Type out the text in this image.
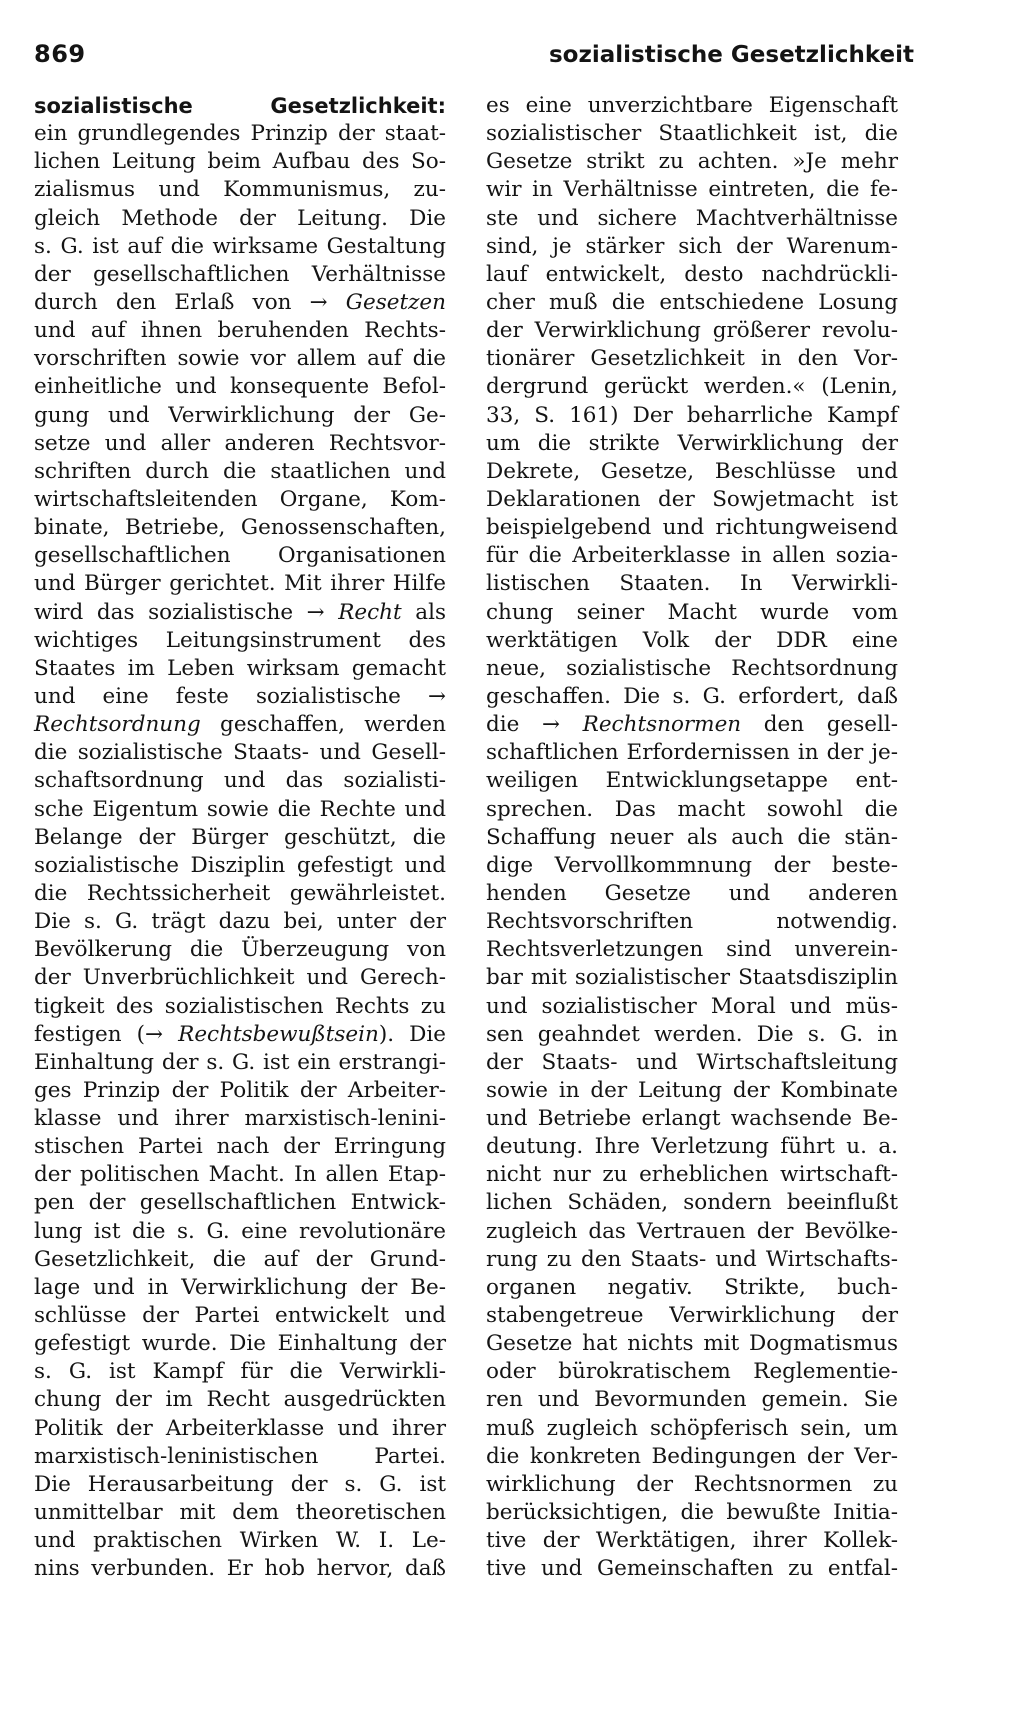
869	sozialistische Gesetzlichkeit
sozialistische Gesetzlichkeit:
ein grundlegendes Prinzip der staat-
lichen Leitung beim Aufbau des So-
zialismus und Kommunismus, zu-
gleich Methode der Leitung. Die
s. G. ist auf die wirksame Gestaltung
der gesellschaftlichen Verhältnisse
durch den Erlaß von → Gesetzen
und auf ihnen beruhenden Rechts-
vorschriften sowie vor allem auf die
einheitliche und konsequente Befol-
gung und Verwirklichung der Ge-
setze und aller anderen Rechtsvor-
schriften durch die staatlichen und
wirtschaftsleitenden Organe, Kom-
binate, Betriebe, Genossenschaften,
gesellschaftlichen Organisationen
und Bürger gerichtet. Mit ihrer Hilfe
wird das sozialistische → Recht als
wichtiges Leitungsinstrument des
Staates im Leben wirksam gemacht
und eine feste sozialistische →
Rechtsordnung geschaffen, werden
die sozialistische Staats- und Gesell-
schaftsordnung und das sozialisti-
sche Eigentum sowie die Rechte und
Belange der Bürger geschützt, die
sozialistische Disziplin gefestigt und
die Rechtssicherheit gewährleistet.
Die s. G. trägt dazu bei, unter der
Bevölkerung die Überzeugung von
der Unverbrüchlichkeit und Gerech-
tigkeit des sozialistischen Rechts zu
festigen (→ Rechtsbewußtsein). Die
Einhaltung der s. G. ist ein erstrangi-
ges Prinzip der Politik der Arbeiter-
klasse und ihrer marxistisch-lenini-
stischen Partei nach der Erringung
der politischen Macht. In allen Etap-
pen der gesellschaftlichen Entwick-
lung ist die s. G. eine revolutionäre
Gesetzlichkeit, die auf der Grund-
lage und in Verwirklichung der Be-
schlüsse der Partei entwickelt und
gefestigt wurde. Die Einhaltung der
s. G. ist Kampf für die Verwirkli-
chung der im Recht ausgedrückten
Politik der Arbeiterklasse und ihrer
marxistisch-leninistischen Partei.
Die Herausarbeitung der s. G. ist
unmittelbar mit dem theoretischen
und praktischen Wirken W. I. Le-
nins verbunden. Er hob hervor, daß
es eine unverzichtbare Eigenschaft
sozialistischer Staatlichkeit ist, die
Gesetze strikt zu achten. »Je mehr
wir in Verhältnisse eintreten, die fe-
ste und sichere Machtverhältnisse
sind, je stärker sich der Warenum-
lauf entwickelt, desto nachdrückli-
cher muß die entschiedene Losung
der Verwirklichung größerer revolu-
tionärer Gesetzlichkeit in den Vor-
dergrund gerückt werden.« (Lenin,
33, S. 161) Der beharrliche Kampf
um die strikte Verwirklichung der
Dekrete, Gesetze, Beschlüsse und
Deklarationen der Sowjetmacht ist
beispielgebend und richtungweisend
für die Arbeiterklasse in allen sozia-
listischen Staaten. In Verwirkli-
chung seiner Macht wurde vom
werktätigen Volk der DDR eine
neue, sozialistische Rechtsordnung
geschaffen. Die s. G. erfordert, daß
die → Rechtsnormen den gesell-
schaftlichen Erfordernissen in der je-
weiligen Entwicklungsetappe ent-
sprechen. Das macht sowohl die
Schaffung neuer als auch die stän-
dige Vervollkommnung der beste-
henden Gesetze und anderen
Rechtsvorschriften notwendig.
Rechtsverletzungen sind unverein-
bar mit sozialistischer Staatsdisziplin
und sozialistischer Moral und müs-
sen geahndet werden. Die s. G. in
der Staats- und Wirtschaftsleitung
sowie in der Leitung der Kombinate
und Betriebe erlangt wachsende Be-
deutung. Ihre Verletzung führt u. a.
nicht nur zu erheblichen wirtschaft-
lichen Schäden, sondern beeinflußt
zugleich das Vertrauen der Bevölke-
rung zu den Staats- und Wirtschafts-
organen negativ. Strikte, buch-
stabengetreue Verwirklichung der
Gesetze hat nichts mit Dogmatismus
oder bürokratischem Reglementie-
ren und Bevormunden gemein. Sie
muß zugleich schöpferisch sein, um
die konkreten Bedingungen der Ver-
wirklichung der Rechtsnormen zu
berücksichtigen, die bewußte Initia-
tive der Werktätigen, ihrer Kollek-
tive und Gemeinschaften zu entfal-
